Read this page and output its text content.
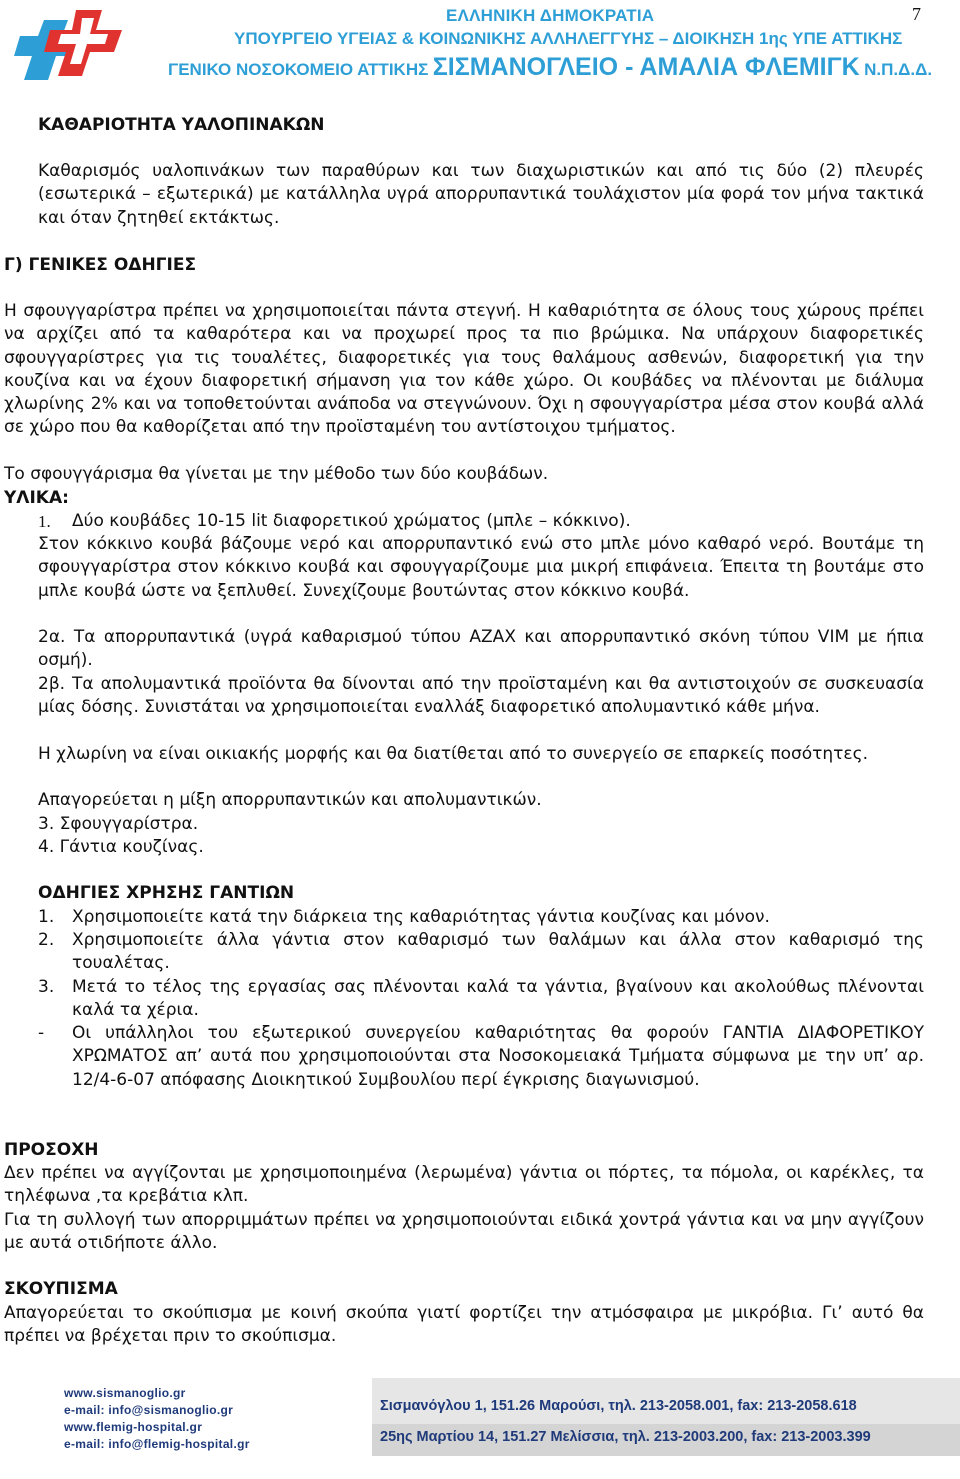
ΕΛΛΗΝΙΚΗ ΔΗΜΟΚΡΑΤΙΑ
ΥΠΟΥΡΓΕΙΟ ΥΓΕΙΑΣ & ΚΟΙΝΩΝΙΚΗΣ ΑΛΛΗΛΕΓΓΥΗΣ – ΔΙΟΙΚΗΣΗ 1ης ΥΠΕ ΑΤΤΙΚΗΣ
ΓΕΝΙΚΟ ΝΟΣΟΚΟΜΕΙΟ ΑΤΤΙΚΗΣ ΣΙΣΜΑΝΟΓΛΕΙΟ - ΑΜΑΛΙΑ ΦΛΕΜΙΓΚ Ν.Π.Δ.Δ.
7
ΚΑΘΑΡΙΟΤΗΤΑ ΥΑΛΟΠΙΝΑΚΩΝ
Καθαρισμός υαλοπινάκων των παραθύρων και των διαχωριστικών και από τις δύο (2) πλευρές (εσωτερικά – εξωτερικά) με κατάλληλα υγρά απορρυπαντικά τουλάχιστον μία φορά τον μήνα τακτικά και όταν ζητηθεί εκτάκτως.
Γ) ΓΕΝΙΚΕΣ ΟΔΗΓΙΕΣ
Η σφουγγαρίστρα πρέπει να χρησιμοποιείται πάντα στεγνή. Η καθαριότητα σε όλους τους χώρους πρέπει να αρχίζει από τα καθαρότερα και να προχωρεί προς τα πιο βρώμικα. Να υπάρχουν διαφορετικές σφουγγαρίστρες για τις τουαλέτες, διαφορετικές για τους θαλάμους ασθενών, διαφορετική για την κουζίνα και να έχουν διαφορετική σήμανση για τον κάθε χώρο. Οι κουβάδες να πλένονται με διάλυμα χλωρίνης 2% και να τοποθετούνται ανάποδα να στεγνώνουν. Όχι η σφουγγαρίστρα μέσα στον κουβά αλλά σε χώρο που θα καθορίζεται από την προϊσταμένη του αντίστοιχου τμήματος.
Το σφουγγάρισμα θα γίνεται με την μέθοδο των δύο κουβάδων.
ΥΛΙΚΑ:
1. Δύο κουβάδες 10-15 lit διαφορετικού χρώματος (μπλε – κόκκινο).
Στον κόκκινο κουβά βάζουμε νερό και απορρυπαντικό ενώ στο μπλε μόνο καθαρό νερό. Βουτάμε τη σφουγγαρίστρα στον κόκκινο κουβά και σφουγγαρίζουμε μια μικρή επιφάνεια. Έπειτα τη βουτάμε στο μπλε κουβά ώστε να ξεπλυθεί. Συνεχίζουμε βουτώντας στον κόκκινο κουβά.
2α. Τα απορρυπαντικά (υγρά καθαρισμού τύπου ΑΖΑΧ και απορρυπαντικό σκόνη τύπου VIM με ήπια οσμή).
2β. Τα απολυμαντικά προϊόντα θα δίνονται από την προϊσταμένη και θα αντιστοιχούν σε συσκευασία μίας δόσης. Συνιστάται να χρησιμοποιείται εναλλάξ διαφορετικό απολυμαντικό κάθε μήνα.
Η χλωρίνη να είναι οικιακής μορφής και θα διατίθεται από το συνεργείο σε επαρκείς ποσότητες.
Απαγορεύεται η μίξη απορρυπαντικών και απολυμαντικών.
3. Σφουγγαρίστρα.
4. Γάντια κουζίνας.
ΟΔΗΓΙΕΣ ΧΡΗΣΗΣ ΓΑΝΤΙΩΝ
1. Χρησιμοποιείτε κατά την διάρκεια της καθαριότητας γάντια κουζίνας και μόνον.
2. Χρησιμοποιείτε άλλα γάντια στον καθαρισμό των θαλάμων και άλλα στον καθαρισμό της τουαλέτας.
3. Μετά το τέλος της εργασίας σας πλένονται καλά τα γάντια, βγαίνουν και ακολούθως πλένονται καλά τα χέρια.
- Οι υπάλληλοι του εξωτερικού συνεργείου καθαριότητας θα φορούν ΓΑΝΤΙΑ ΔΙΑΦΟΡΕΤΙΚΟΥ ΧΡΩΜΑΤΟΣ απ’ αυτά που χρησιμοποιούνται στα Νοσοκομειακά Τμήματα σύμφωνα με την υπ’ αρ. 12/4-6-07 απόφασης Διοικητικού Συμβουλίου περί έγκρισης διαγωνισμού.
ΠΡΟΣΟΧΗ
Δεν πρέπει να αγγίζονται με χρησιμοποιημένα (λερωμένα) γάντια οι πόρτες, τα πόμολα, οι καρέκλες, τα τηλέφωνα ,τα κρεβάτια κλπ.
Για τη συλλογή των απορριμμάτων πρέπει να χρησιμοποιούνται ειδικά χοντρά γάντια και να μην αγγίζουν με αυτά οτιδήποτε άλλο.
ΣΚΟΥΠΙΣΜΑ
Απαγορεύεται το σκούπισμα με κοινή σκούπα γιατί φορτίζει την ατμόσφαιρα με μικρόβια. Γι’ αυτό θα πρέπει να βρέχεται πριν το σκούπισμα.
www.sismanoglio.gr
e-mail: info@sismanoglio.gr
www.flemig-hospital.gr
e-mail: info@flemig-hospital.gr
Σισμανόγλου 1, 151.26 Μαρούσι, τηλ. 213-2058.001, fax: 213-2058.618
25ης Μαρτίου 14, 151.27 Μελίσσια, τηλ. 213-2003.200, fax: 213-2003.399
